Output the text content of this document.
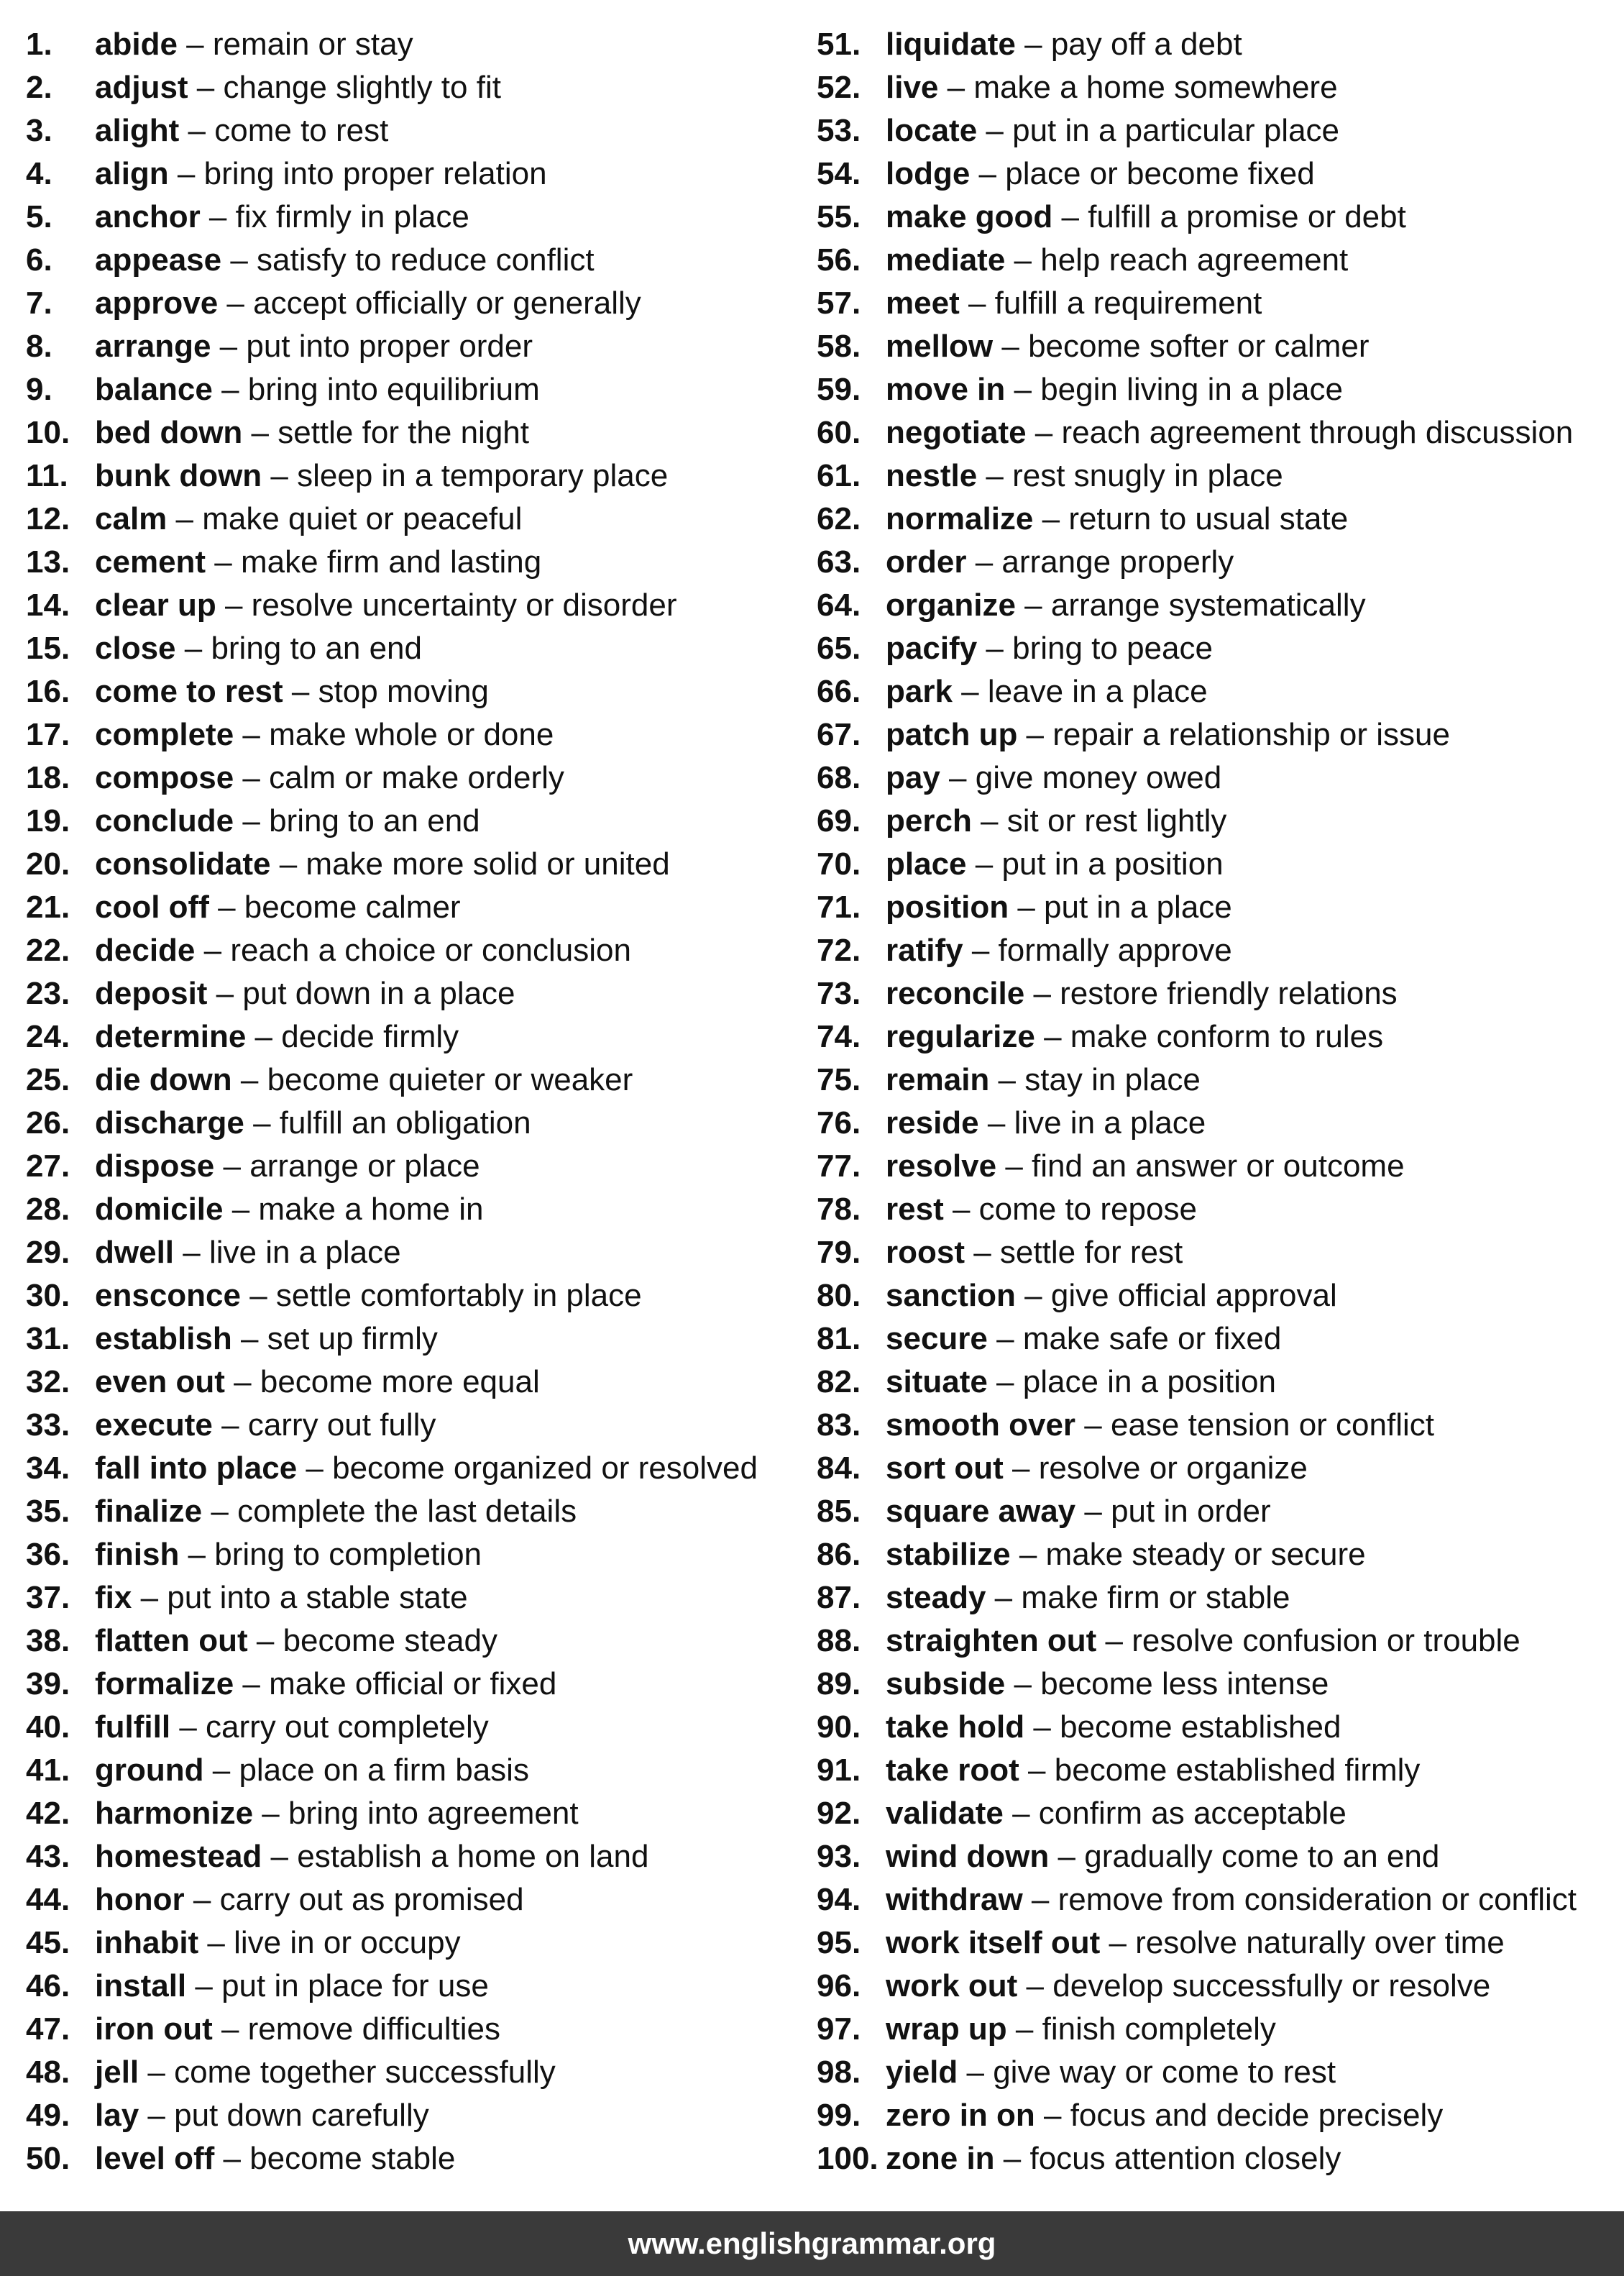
1. abide – remain or stay
2. adjust – change slightly to fit
3. alight – come to rest
4. align – bring into proper relation
5. anchor – fix firmly in place
6. appease – satisfy to reduce conflict
7. approve – accept officially or generally
8. arrange – put into proper order
9. balance – bring into equilibrium
10. bed down – settle for the night
11. bunk down – sleep in a temporary place
12. calm – make quiet or peaceful
13. cement – make firm and lasting
14. clear up – resolve uncertainty or disorder
15. close – bring to an end
16. come to rest – stop moving
17. complete – make whole or done
18. compose – calm or make orderly
19. conclude – bring to an end
20. consolidate – make more solid or united
21. cool off – become calmer
22. decide – reach a choice or conclusion
23. deposit – put down in a place
24. determine – decide firmly
25. die down – become quieter or weaker
26. discharge – fulfill an obligation
27. dispose – arrange or place
28. domicile – make a home in
29. dwell – live in a place
30. ensconce – settle comfortably in place
31. establish – set up firmly
32. even out – become more equal
33. execute – carry out fully
34. fall into place – become organized or resolved
35. finalize – complete the last details
36. finish – bring to completion
37. fix – put into a stable state
38. flatten out – become steady
39. formalize – make official or fixed
40. fulfill – carry out completely
41. ground – place on a firm basis
42. harmonize – bring into agreement
43. homestead – establish a home on land
44. honor – carry out as promised
45. inhabit – live in or occupy
46. install – put in place for use
47. iron out – remove difficulties
48. jell – come together successfully
49. lay – put down carefully
50. level off – become stable
51. liquidate – pay off a debt
52. live – make a home somewhere
53. locate – put in a particular place
54. lodge – place or become fixed
55. make good – fulfill a promise or debt
56. mediate – help reach agreement
57. meet – fulfill a requirement
58. mellow – become softer or calmer
59. move in – begin living in a place
60. negotiate – reach agreement through discussion
61. nestle – rest snugly in place
62. normalize – return to usual state
63. order – arrange properly
64. organize – arrange systematically
65. pacify – bring to peace
66. park – leave in a place
67. patch up – repair a relationship or issue
68. pay – give money owed
69. perch – sit or rest lightly
70. place – put in a position
71. position – put in a place
72. ratify – formally approve
73. reconcile – restore friendly relations
74. regularize – make conform to rules
75. remain – stay in place
76. reside – live in a place
77. resolve – find an answer or outcome
78. rest – come to repose
79. roost – settle for rest
80. sanction – give official approval
81. secure – make safe or fixed
82. situate – place in a position
83. smooth over – ease tension or conflict
84. sort out – resolve or organize
85. square away – put in order
86. stabilize – make steady or secure
87. steady – make firm or stable
88. straighten out – resolve confusion or trouble
89. subside – become less intense
90. take hold – become established
91. take root – become established firmly
92. validate – confirm as acceptable
93. wind down – gradually come to an end
94. withdraw – remove from consideration or conflict
95. work itself out – resolve naturally over time
96. work out – develop successfully or resolve
97. wrap up – finish completely
98. yield – give way or come to rest
99. zero in on – focus and decide precisely
100. zone in – focus attention closely
www.englishgrammar.org
